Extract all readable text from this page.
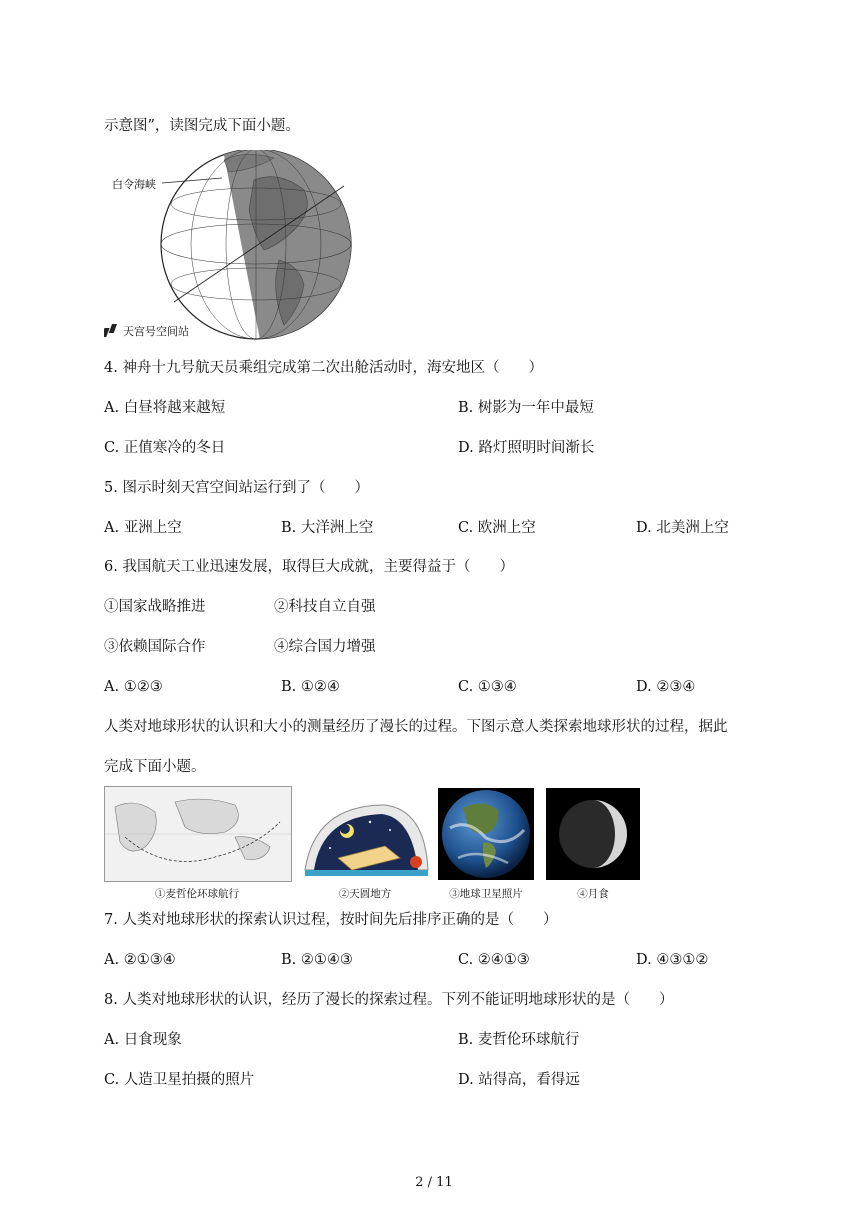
示意图”，读图完成下面小题。
白令海峡
天宫号空间站
4. 神舟十九号航天员乘组完成第二次出舱活动时，海安地区（　　）
A. 白昼将越来越短	B. 树影为一年中最短
C. 正值寒冷的冬日	D. 路灯照明时间渐长
5. 图示时刻天宫空间站运行到了（　　）
A. 亚洲上空	B. 大洋洲上空	C. 欧洲上空	D. 北美洲上空
6. 我国航天工业迅速发展，取得巨大成就，主要得益于（　　）
①国家战略推进	②科技自立自强
③依赖国际合作	④综合国力增强
A. ①②③	B. ①②④	C. ①③④	D. ②③④
人类对地球形状的认识和大小的测量经历了漫长的过程。下图示意人类探索地球形状的过程，据此
完成下面小题。
①麦哲伦环球航行	②天圆地方	③地球卫星照片	④月食
7. 人类对地球形状的探索认识过程，按时间先后排序正确的是（　　）
A. ②①③④	B. ②①④③	C. ②④①③	D. ④③①②
8. 人类对地球形状的认识，经历了漫长的探索过程。下列不能证明地球形状的是（　　）
A. 日食现象	B. 麦哲伦环球航行
C. 人造卫星拍摄的照片	D. 站得高，看得远
2 / 11
